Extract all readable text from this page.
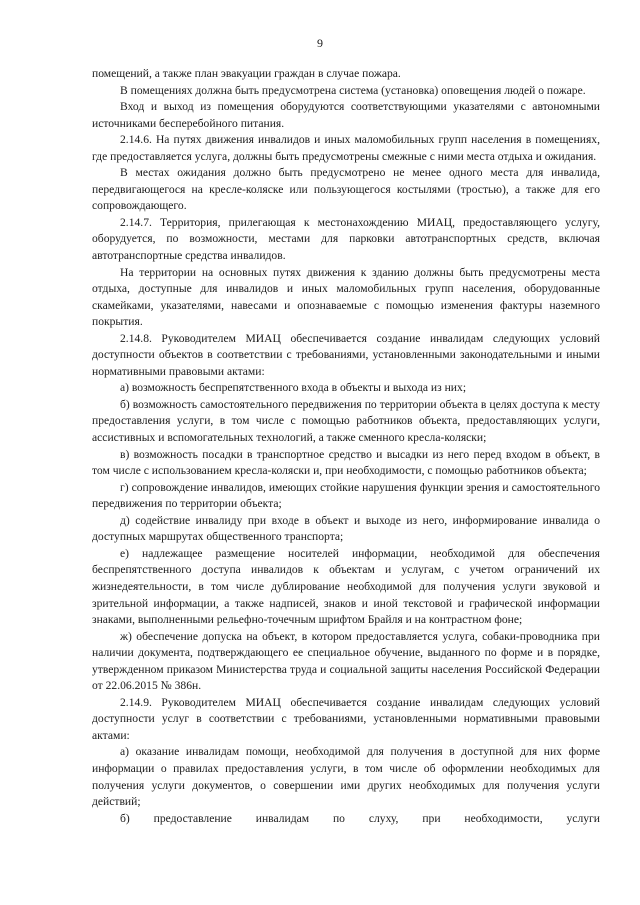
9

помещений, а также план эвакуации граждан в случае пожара.

В помещениях должна быть предусмотрена система (установка) оповещения людей о пожаре.

Вход и выход из помещения оборудуются соответствующими указателями с автономными источниками бесперебойного питания.

2.14.6. На путях движения инвалидов и иных маломобильных групп населения в помещениях, где предоставляется услуга, должны быть предусмотрены смежные с ними места отдыха и ожидания.

В местах ожидания должно быть предусмотрено не менее одного места для инвалида, передвигающегося на кресле-коляске или пользующегося костылями (тростью), а также для его сопровождающего.

2.14.7. Территория, прилегающая к местонахождению МИАЦ, предоставляющего услугу, оборудуется, по возможности, местами для парковки автотранспортных средств, включая автотранспортные средства инвалидов.

На территории на основных путях движения к зданию должны быть предусмотрены места отдыха, доступные для инвалидов и иных маломобильных групп населения, оборудованные скамейками, указателями, навесами и опознаваемые с помощью изменения фактуры наземного покрытия.

2.14.8. Руководителем МИАЦ обеспечивается создание инвалидам следующих условий доступности объектов в соответствии с требованиями, установленными законодательными и иными нормативными правовыми актами:

а) возможность беспрепятственного входа в объекты и выхода из них;

б) возможность самостоятельного передвижения по территории объекта в целях доступа к месту предоставления услуги, в том числе с помощью работников объекта, предоставляющих услуги, ассистивных и вспомогательных технологий, а также сменного кресла-коляски;

в) возможность посадки в транспортное средство и высадки из него перед входом в объект, в том числе с использованием кресла-коляски и, при необходимости, с помощью работников объекта;

г) сопровождение инвалидов, имеющих стойкие нарушения функции зрения и самостоятельного передвижения по территории объекта;

д) содействие инвалиду при входе в объект и выходе из него, информирование инвалида о доступных маршрутах общественного транспорта;

е) надлежащее размещение носителей информации, необходимой для обеспечения беспрепятственного доступа инвалидов к объектам и услугам, с учетом ограничений их жизнедеятельности, в том числе дублирование необходимой для получения услуги звуковой и зрительной информации, а также надписей, знаков и иной текстовой и графической информации знаками, выполненными рельефно-точечным шрифтом Брайля и на контрастном фоне;

ж) обеспечение допуска на объект, в котором предоставляется услуга, собаки-проводника при наличии документа, подтверждающего ее специальное обучение, выданного по форме и в порядке, утвержденном приказом Министерства труда и социальной защиты населения Российской Федерации от 22.06.2015 № 386н.

2.14.9. Руководителем МИАЦ обеспечивается создание инвалидам следующих условий доступности услуг в соответствии с требованиями, установленными нормативными правовыми актами:

а) оказание инвалидам помощи, необходимой для получения в доступной для них форме информации о правилах предоставления услуги, в том числе об оформлении необходимых для получения услуги документов, о совершении ими других необходимых для получения услуги действий;

б) предоставление инвалидам по слуху, при необходимости, услуги
